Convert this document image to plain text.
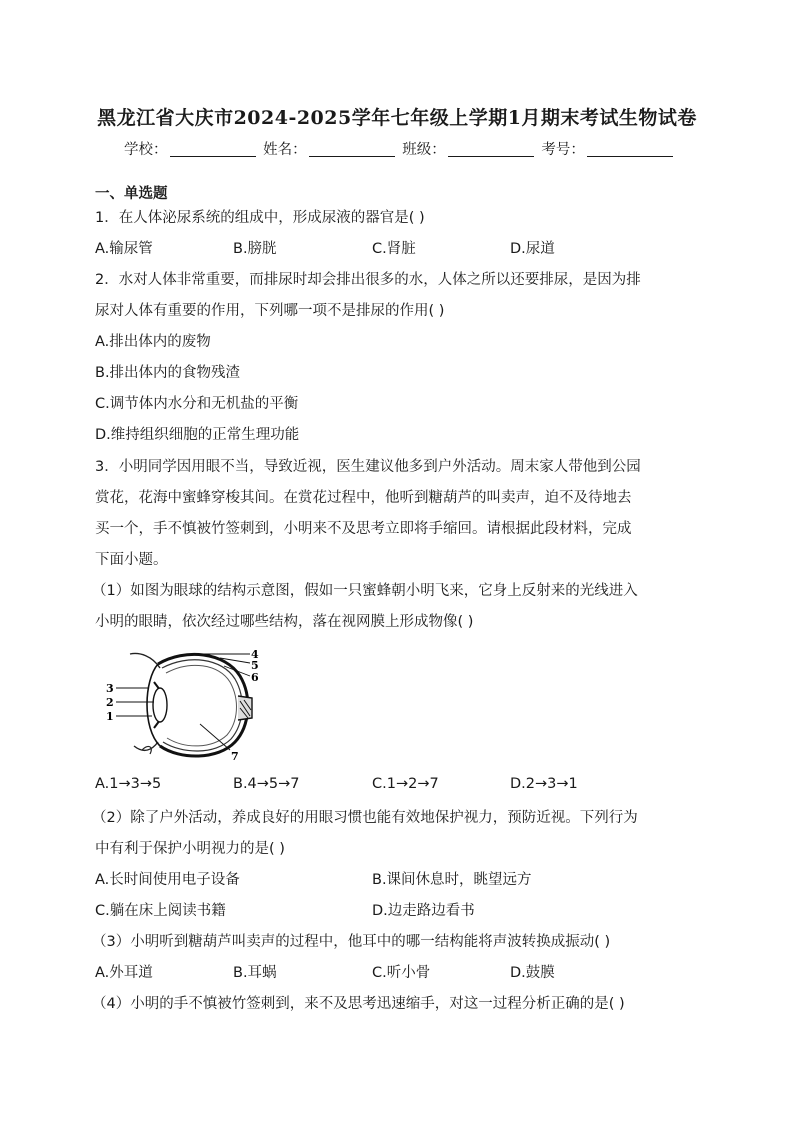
黑龙江省大庆市2024-2025学年七年级上学期1月期末考试生物试卷
学校：	姓名：	班级：	考号：
一、单选题
1．在人体泌尿系统的组成中，形成尿液的器官是( )
A.输尿管	B.膀胱	C.肾脏	D.尿道
2．水对人体非常重要，而排尿时却会排出很多的水，人体之所以还要排尿，是因为排
尿对人体有重要的作用，下列哪一项不是排尿的作用( )
A.排出体内的废物
B.排出体内的食物残渣
C.调节体内水分和无机盐的平衡
D.维持组织细胞的正常生理功能
3．小明同学因用眼不当，导致近视，医生建议他多到户外活动。周末家人带他到公园
赏花，花海中蜜蜂穿梭其间。在赏花过程中，他听到糖葫芦的叫卖声，迫不及待地去
买一个，手不慎被竹签刺到，小明来不及思考立即将手缩回。请根据此段材料，完成
下面小题。
（1）如图为眼球的结构示意图，假如一只蜜蜂朝小明飞来，它身上反射来的光线进入
小明的眼睛，依次经过哪些结构，落在视网膜上形成物像( )
1
2
3
4
5
6
7
A.1→3→5	B.4→5→7	C.1→2→7	D.2→3→1
（2）除了户外活动，养成良好的用眼习惯也能有效地保护视力，预防近视。下列行为
中有利于保护小明视力的是( )
A.长时间使用电子设备	B.课间休息时，眺望远方
C.躺在床上阅读书籍	D.边走路边看书
（3）小明听到糖葫芦叫卖声的过程中，他耳中的哪一结构能将声波转换成振动( )
A.外耳道	B.耳蜗	C.听小骨	D.鼓膜
（4）小明的手不慎被竹签刺到，来不及思考迅速缩手，对这一过程分析正确的是( )
